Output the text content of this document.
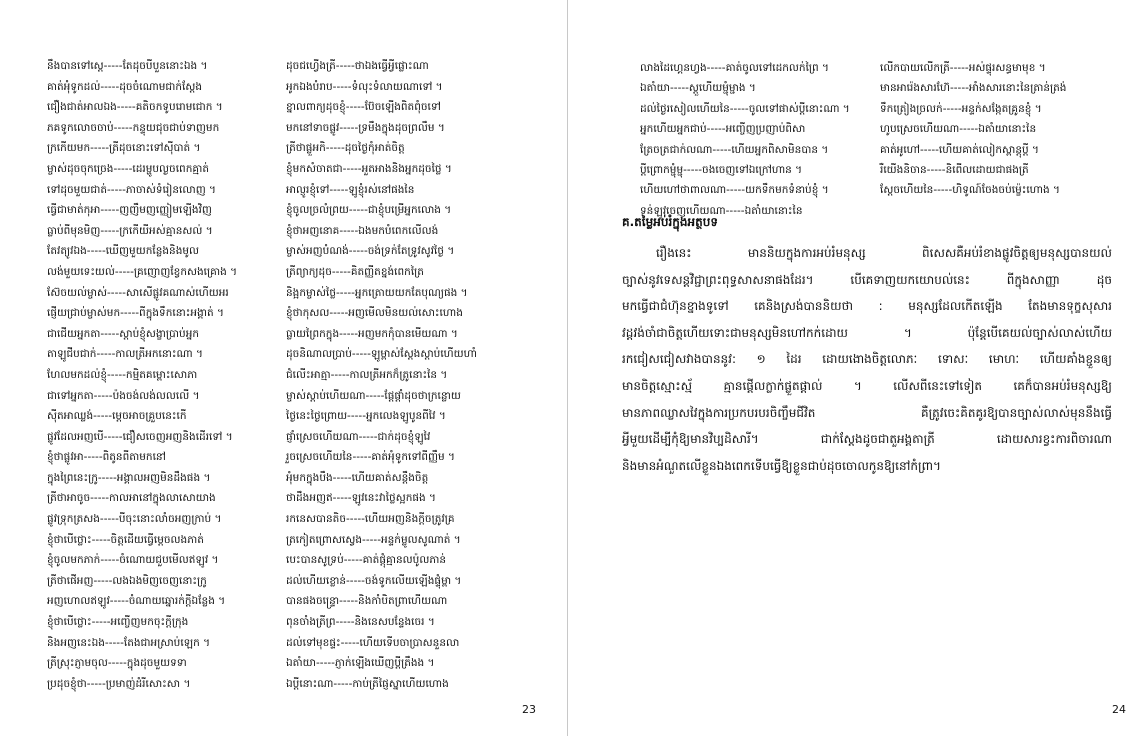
នឹងបានទៅស្ដេ-----តែដុចបីបួននោះឯង ។
គាត់អុំទូកដល់-----ដុចចំណោមជាក់ស្ដែង
ជឿងជាត់អាលឯង-----គតិចកទូបរោមជោក ។
ភគទូកលោចចាប់-----កន្ទុយជុចជាប់ទាញមក
ក្រកើយមក-----ត្រីដុចនោះទៅស៊ីបាត់ ។
ម្ចាស់ដុចចុកច្រេង-----ដេរម្ហូបល្ងចពេកគ្មាត់
ទៅដុចមួយជាត់-----ភាចាស់ទំរៀនលោញ ។
ធ្វើជាមាត់កុអា-----ញញឹមញញ្ញៀមឡើងវិញ
ធ្លាប់ពីមុនមិញ-----ក្រកើយីអស់គ្មានសល់ ។
តែវត្យូវឯង-----ឃើញមួយកន្លែងនិងមូល
លង់មួយទេះយល់-----គ្រញោញខ្វែកសងគ្រោង ។
ស៊ែចយល់ម្ចាស់-----សាសើផ្លូវគណាស់ហើយអរ
ផ្ញើយជ្រាប់ម្ចាស់មក-----ពីក្នុងទឹកនោះអង្គាត់ ។
ជាជើយអ្នកតា-----ស្ដាប់ខ្ញុំសង្ខាប្រាប់អ្នក
តាឡូជីបជាក់-----កាលត្រីអកនោះណា ។
ហែលមកដល់ខ្ញុំ-----កម្មិតគម្ពោះសោភា
ជាទៅអ្នកតា-----ប៉ងចង់លង់លលលើ ។
ស៊ីតអាឈ្លង់-----ម្ដេចអាចគ្រួបនេះកើ
ផ្លូវដែលអញបើ-----ជឿសចេញអញនិងដើរទៅ ។
ខ្ញុំថាផ្លូវអា-----ពិតូនពីតាមកនៅ
ក្នុងព្រៃនេះក្រូ-----អង្គាលអញមិនដឹងផង ។
ត្រីថាអាចូច-----កាលអានៅក្នុងលាសោយាង
ផ្លូវទ្រុកត្រសង-----បីចុះនោះលាំចអញក្រាប់ ។
ខ្ញុំថាបើថ្លោះ-----ចិត្តដើយធ្វើម្ដេចលងភាត់
ខ្ញុំចូលមកភាក់-----ចំណោយជួបមើលឥឡូវ ។
ត្រីថាផើអញ-----លងឯងមិញចេញនោះក្រូ
អញហោលឥឡូវ-----ចំណាយឆ្នោរក់ក្តីឯន្លែង ។
ខ្ញុំថាបើថ្លោះ-----អញ្ចើញមកចុះក្ដីក្រុង
និងអញនេះឯង-----តែងជាអស្រាប់ឡេក ។
ត្រីស្រុះភ្ញាមចុល-----ក្នុងដុចមួយទទា
ប្រដុចខ្ញុំថា-----ប្រមាញ់ដំរីសោះសា ។
ដុចជហ្វើងត្រី-----ថាឯងធ្វើអ្វីផ្លោះណា
អូកឯងបំរាប-----ទំលុះទំលាយណាទៅ ។
ខ្នាលពាក្យដុចខ្ញុំ-----ប៊ែចឡើងពិតពុំចទៅ
មកនៅទាចផ្លូវ-----ទ្រមឹងក្នុងដុចព្រលឹម ។
ត្រីថាផ្លួអកិ-----ដុចថ្ងៃកុំអាត់ចិត្ត
ខ្ញុំមកសំចាតជា-----អួតអាងនិងអ្នកដុចថ្លៃ ។
អាល្ញូរខ្ញុំទៅ-----ឡូខ្ញុំរស់នៅផងនៃ
ខ្ញុំចូលច្រលំព្រយ-----ជាខ្ញុំបម្រើអ្នកលោង ។
ខ្ញុំថាអញនោគ-----ឯងមកបំពេកលើលង់
ម្ចាស់អញបំណង់-----ចង់ទ្រក់តែទ្រូវសូវថ្ងៃ ។
ត្រីព្យាក្យដុច-----គិតញ្ញីតខ្នង់ពេកត្រៃ
និង្អកម្ចាស់ថ្លៃ-----អ្នកត្រោយយកតែបុណ្យផង ។
ខ្ញុំថាកុសល-----អញមើលមិនយល់សោះហោង
ធ្លាយព្រៃកក្នុង-----អញមកកុំបានមើយណា ។
ដុចនិណាលប្រាប់-----ឡូម្ពាស់ស្ដែងស្ដាប់ហើយហាំ
ជំលើះអាត្មា-----កាលត្រីអកក៏ត្រូនោះនៃ ។
ម្ចាស់ស្ដាប់ហើយណា-----ផ្តែផ្តាំដុចថាក្រន្លោយ
ថ្ងៃនេះថ្ងៃព្រោយ-----អ្នកលេងឡូបូនពីវៃ ។
ផ្ញាំស្រេចហើយណា-----ជាក់ដុចខ្ញុំឡូវៃ
រួចស្រេចហើយនៃ-----គាត់អុំទូកទៅពីញ្ញឹម ។
អុំមកក្នុងបឹង-----ហើយគាត់សន្តឹងចិត្ត
ថាដឹងអញឥ-----ឡូវនេះវាថ្លៃស្អកផង ។
រកនេសបានតិច-----ហើយអញនិងក្ដីចត្រូវគ្រ
ត្រកៀតព្រោសស្វេង-----អន្ទក់ម្លូលសូណាត់ ។
បេះបានសូទ្រប់-----គាត់ផ្ដុំគ្មានលប៉ូលភាន់
ដល់ហើយខ្លោន់-----ចង់ទូកលើយឡើងផ្ទុំម្ពា ។
បានផងចន្ទ្រោ-----និងកាំបិតព្រាហើយណា
ពុនចាំងត្រីព្រ-----និងនេសបន្ទែងចេរ ។
ដល់ទៅមុខផ្ទះ-----ហើយទើបចាប្រាសនួនលា
ឯតាំយា-----ភ្ញាក់ឡើងឃើញប្ដីត្រឹងង ។
ឯប្ដីនោះណា-----កាប់ត្រីផ្ញៃស្នាហើយហោង
23
លាងដៃហ្គេនហ្វង-----គាត់ចូលទៅដេកលក់ព្រៃ ។
ឯតាំយា-----ស្ដួហើយម្ជុំម្ជាង ។
ដល់ថ្ងៃរសៀលហើយនៃ-----ចូលទៅផាស់ប្ដីនោះណា ។
អ្នកហើយអ្នកជាប់-----អញ្ចើញប្រញាប់ពិសា
ត្រែចត្រជាក់លណា-----ហើយអ្នកពិសាមិនបាន ។
ប្ដីព្រោកម្ជុំម្ជុ-----ចងចេញទៅឯក្រៅហាន ។
ហើយហៅថាពាលណា-----យកទឹកមកទំនាប់ខ្ញុំ ។
ទន់ឡូវចេញហើយណា-----ឯតាំយានោះនៃ
លើកបាយលើកត្រី-----អស់ផ្ទុរសន្ធមាមុខ ។
មានអារ៉េងសារហ៊ែ-----អាំងសារនោះនៃត្រាន់ត្រង់
ទឹកត្រៀងច្រលក់-----អន្ទក់សង្កែតគ្រូនខ្ញុំ ។
ហូបស្រេចហើយណា-----ឯតាំយានោះនៃ
គាត់អូហៅ-----ហើយគាត់លៀកស្ពាន្ដុប្ដី ។
រឺយើងនិចាន-----និពើលដោយជាផងត្រី
ស្ដែចហើយនៃ-----ហិទូណ៍ចែងចប់ម្ខ៉េះហោង ។
គ.តម្លៃអប់រំក្នុងអត្ថបទ
រឿងនេះ	មាននិយក្នុងការអប់រំមនុស្ស	ពិសេសគឺអប់រំខាងផ្លូវចិត្តឲ្យមនុស្សបានយល់
ច្បាស់នូវទេសន្តវិជ្ជាព្រះពុទ្ធសាសនាផងដែរ។	បើគេទាញយកយោបល់នេះ	ពីក្នុងសាញ្ញា	ដុច
មកធ្វើជាជំហ៊ុនខ្នាងទូទៅ គេនិងស្រង់បាននិយថា : មនុស្សដែលកើតឡើង តែងមានទុក្ខសុសារ
វដ្តវង់ចាំជាចិត្តហើយទោះជាមនុស្សមិនហៅកក់ដោយ	។	ប៉ុន្តែបើគេយល់ច្បាស់លាស់ហើយ
រកជៀសជៀសវាងបាននូវ: ១ ដៃរ ដោយងោងចិត្តលោភៈ ទោសៈ មោហៈ ហើយគាំងខ្ជួនឲ្យ
មានចិត្តស្មោះស្ម័	គ្មានផ្ដើលក្លាក់ផ្លួតផ្ដាល់	។	លើសពីនេះទៅទៀត	គេក៏បានអប់រំមនុស្សឱ្យ
មានភាពឈ្លាសវៃក្នុងការប្រកបរបរចិញ្ចឹមជីវិត	គឺត្រូវចេះគិតគូរឱ្យបានច្បាស់លាស់មុននឹងធ្វើ
អ្វីមួយដើម្បីកុំឱ្យមានវិប្បដិសារី។	ជាក់ស្ដែងដូចជាតួអង្គតាត្រី	ដោយសារខ្វះការពិចារណា
និងមានអំណួតលើខ្លួនឯងពេកទើបធ្វើឱ្យខ្លួនជាប់ដុចចោលកូនឱ្យនៅកំព្រា។
24
